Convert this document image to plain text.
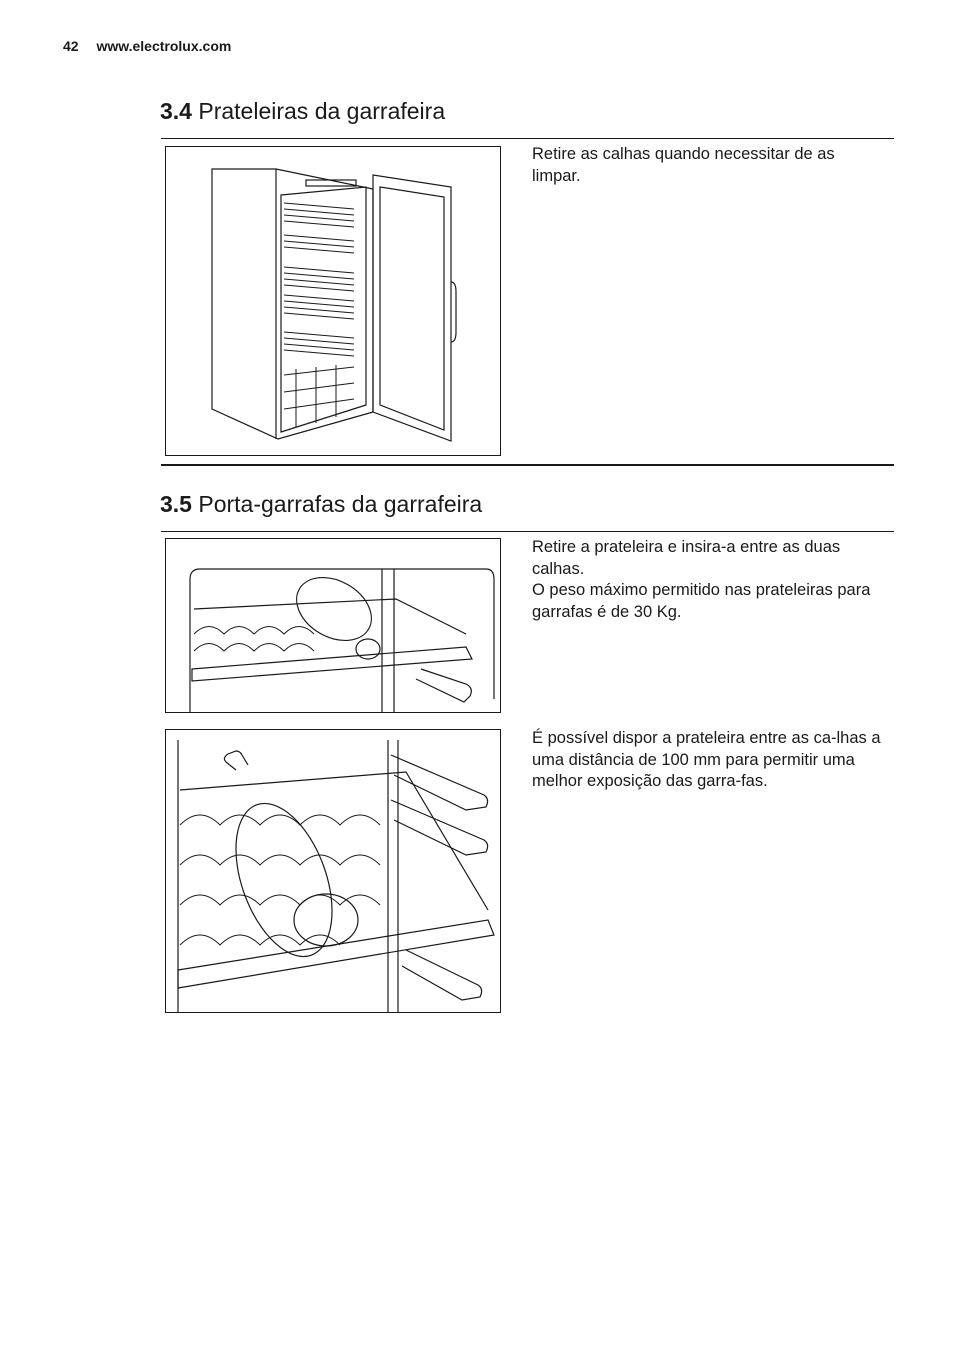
42 www.electrolux.com
3.4 Prateleiras da garrafeira

Retire as calhas quando necessitar de as limpar.

3.5 Porta-garrafas da garrafeira

Retire a prateleira e insira-a entre as duas calhas.

O peso máximo permitido nas prateleiras para garrafas é de 30 Kg.

É possível dispor a prateleira entre as ca-lhas a uma distância de 100 mm para permitir uma melhor exposição das garra-fas.
